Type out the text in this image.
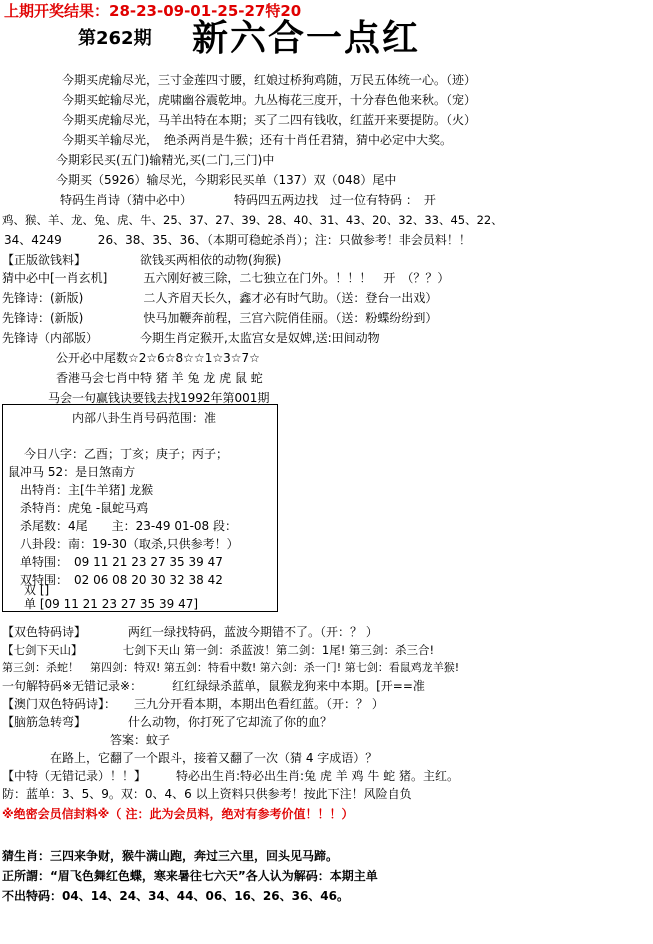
上期开奖结果：28-23-09-01-25-27特20
第262期 新六合一点红
今期买虎输尽光，三寸金莲四寸腰，红娘过桥狗鸡随，万民五体统一心。（迹）
今期买蛇输尽光，虎啸幽谷震乾坤。九丛梅花三度开，十分春色他来秋。（宠）
今期买虎输尽光，马羊出特在本期；买了二四有钱收，红蓝开来要提防。（火）
今期买羊输尽光，　绝杀两肖是牛猴；还有十肖任君猜，猜中必定中大奖。
今期彩民买(五门)输精光,买(二门,三门)中
今期买（5926）输尽光，今期彩民买单（137）双（048）尾中
特码生肖诗（猜中必中）　　　　特码四五两边找　过一位有特码 ：　开
鸡、猴、羊、龙、兔、虎、牛、25、37、27、39、28、40、31、43、20、32、33、45、22、
34、4249　　　26、38、35、36、（本期可稳蛇杀肖）；注：只做参考！非会员料！！
【正版欲钱料】　　　　　欲钱买两相依的动物(狗猴)
猜中必中[一肖玄机]　　　五六刚好被三除，二七独立在门外。！！！　开　（？？）
先锋诗：(新版)　　　　　二人齐眉天长久，鑫才必有时气助。（送：登台一出戏）
先锋诗：(新版)　　　　　快马加鞭奔前程，三宫六院俏佳丽。（送：粉蝶纷纷到）
先锋诗（内部版）　　　　今期生肖定猴开,太监宫女是奴婢,送:田间动物
公开必中尾数☆2☆6☆8☆☆1☆3☆7☆
香港马会七肖中特 猪 羊 兔 龙 虎 鼠 蛇
马会一句赢钱诀要钱去找1992年第001期
内部八卦生肖号码范围：准
今日八字：乙酉；丁亥；庚子；丙子；
鼠冲马 52：是日煞南方
出特肖：主[牛羊猪] 龙猴
杀特肖：虎兔 -鼠蛇马鸡
杀尾数：4尾　　主：23-49 01-08 段：
八卦段：南：19-30（取杀,只供参考！）
单特围：　09 11 21 23 27 35 39 47
双特围：　02 06 08 20 30 32 38 42
双 []
单 [09 11 21 23 27 35 39 47]
【双色特码诗】　　　　两红一绿找特码，蓝波今期错不了。（开：？ ）
【七剑下天山】　　　　七剑下天山 第一剑：杀蓝波！第二剑：1尾! 第三剑：杀三合!
第三剑：杀蛇！　第四剑：特双! 第五剑：特看中数! 第六剑：杀一门! 第七剑：看鼠鸡龙羊猴!
一句解特码※无错记录※：　　　红红绿绿杀蓝单，鼠猴龙狗来中本期。[开==准
【澳门双色特码诗】：　　三九分开看本期，本期出色看红蓝。（开：？ ）
【脑筋急转弯】　　　　什么动物，你打死了它却流了你的血？
　　　　　　　　　答案：蚊子
　　　　在路上，它翻了一个跟斗，接着又翻了一次（猜 4 字成语）？
【中特（无错记录）！！】　　　特必出生肖:特必出生肖:兔 虎 羊 鸡 牛 蛇 猪。主红。
防：蓝单：3、5、9。双：0、4、6 以上资料只供参考！按此下注！风险自负
※绝密会员信封料※（ 注：此为会员料，绝对有参考价值！！！）
猜生肖：三四来争财，猴牛满山跑，奔过三六里，回头见马蹄。
正所謂：“眉飞色舞红色蝶，寒来暑往七六天”各人认为解码：本期主单
不出特码：04、14、24、34、44、06、16、26、36、46。
